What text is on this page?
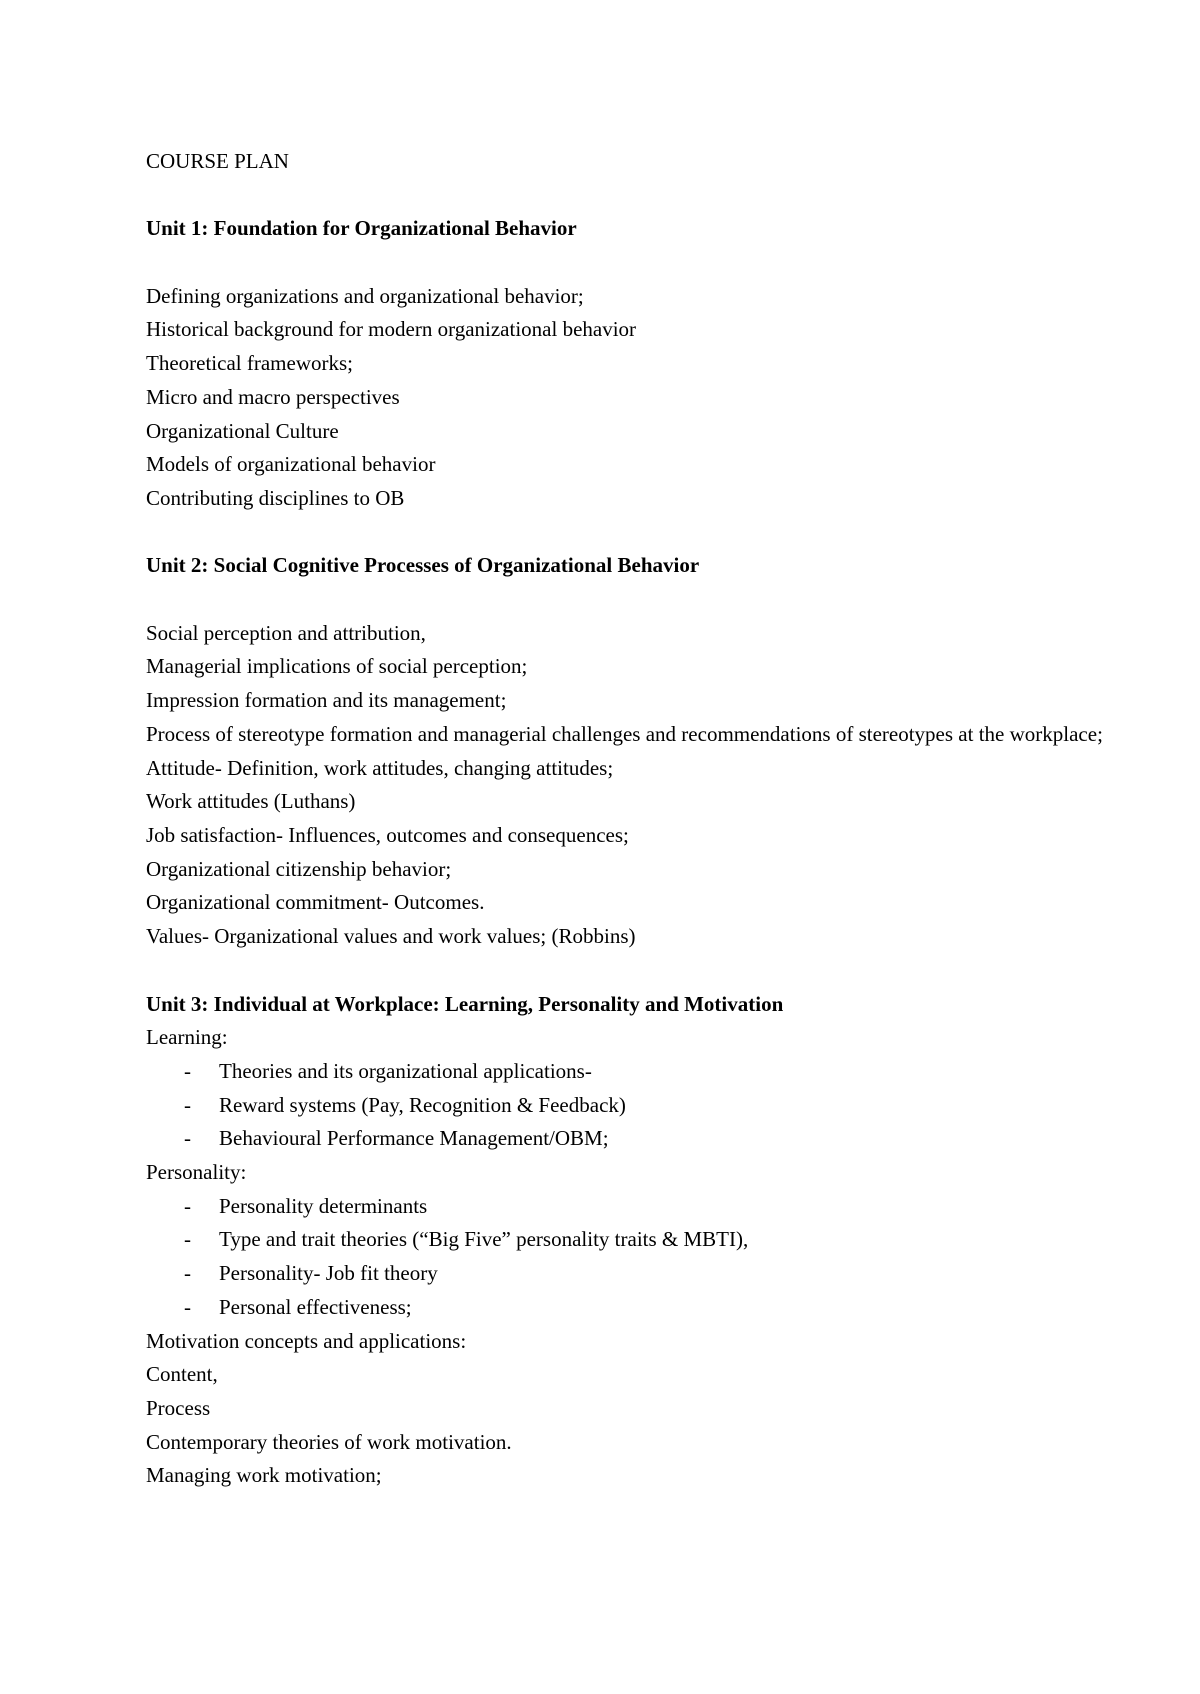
COURSE PLAN

Unit 1: Foundation for Organizational Behavior

Defining organizations and organizational behavior;

Historical background for modern organizational behavior

Theoretical frameworks;

Micro and macro perspectives

Organizational Culture

Models of organizational behavior

Contributing disciplines to OB

Unit 2: Social Cognitive Processes of Organizational Behavior

Social perception and attribution,

Managerial implications of social perception;

Impression formation and its management;

Process of stereotype formation and managerial challenges and recommendations of stereotypes at the workplace;

Attitude- Definition, work attitudes, changing attitudes;

Work attitudes (Luthans)

Job satisfaction- Influences, outcomes and consequences;

Organizational citizenship behavior;

Organizational commitment- Outcomes.

Values- Organizational values and work values; (Robbins)

Unit 3: Individual at Workplace: Learning, Personality and Motivation

Learning:

- Theories and its organizational applications-

- Reward systems (Pay, Recognition & Feedback)

- Behavioural Performance Management/OBM;

Personality:

- Personality determinants

- Type and trait theories (“Big Five” personality traits & MBTI),

- Personality- Job fit theory

- Personal effectiveness;

Motivation concepts and applications:

Content,

Process

Contemporary theories of work motivation.

Managing work motivation;
